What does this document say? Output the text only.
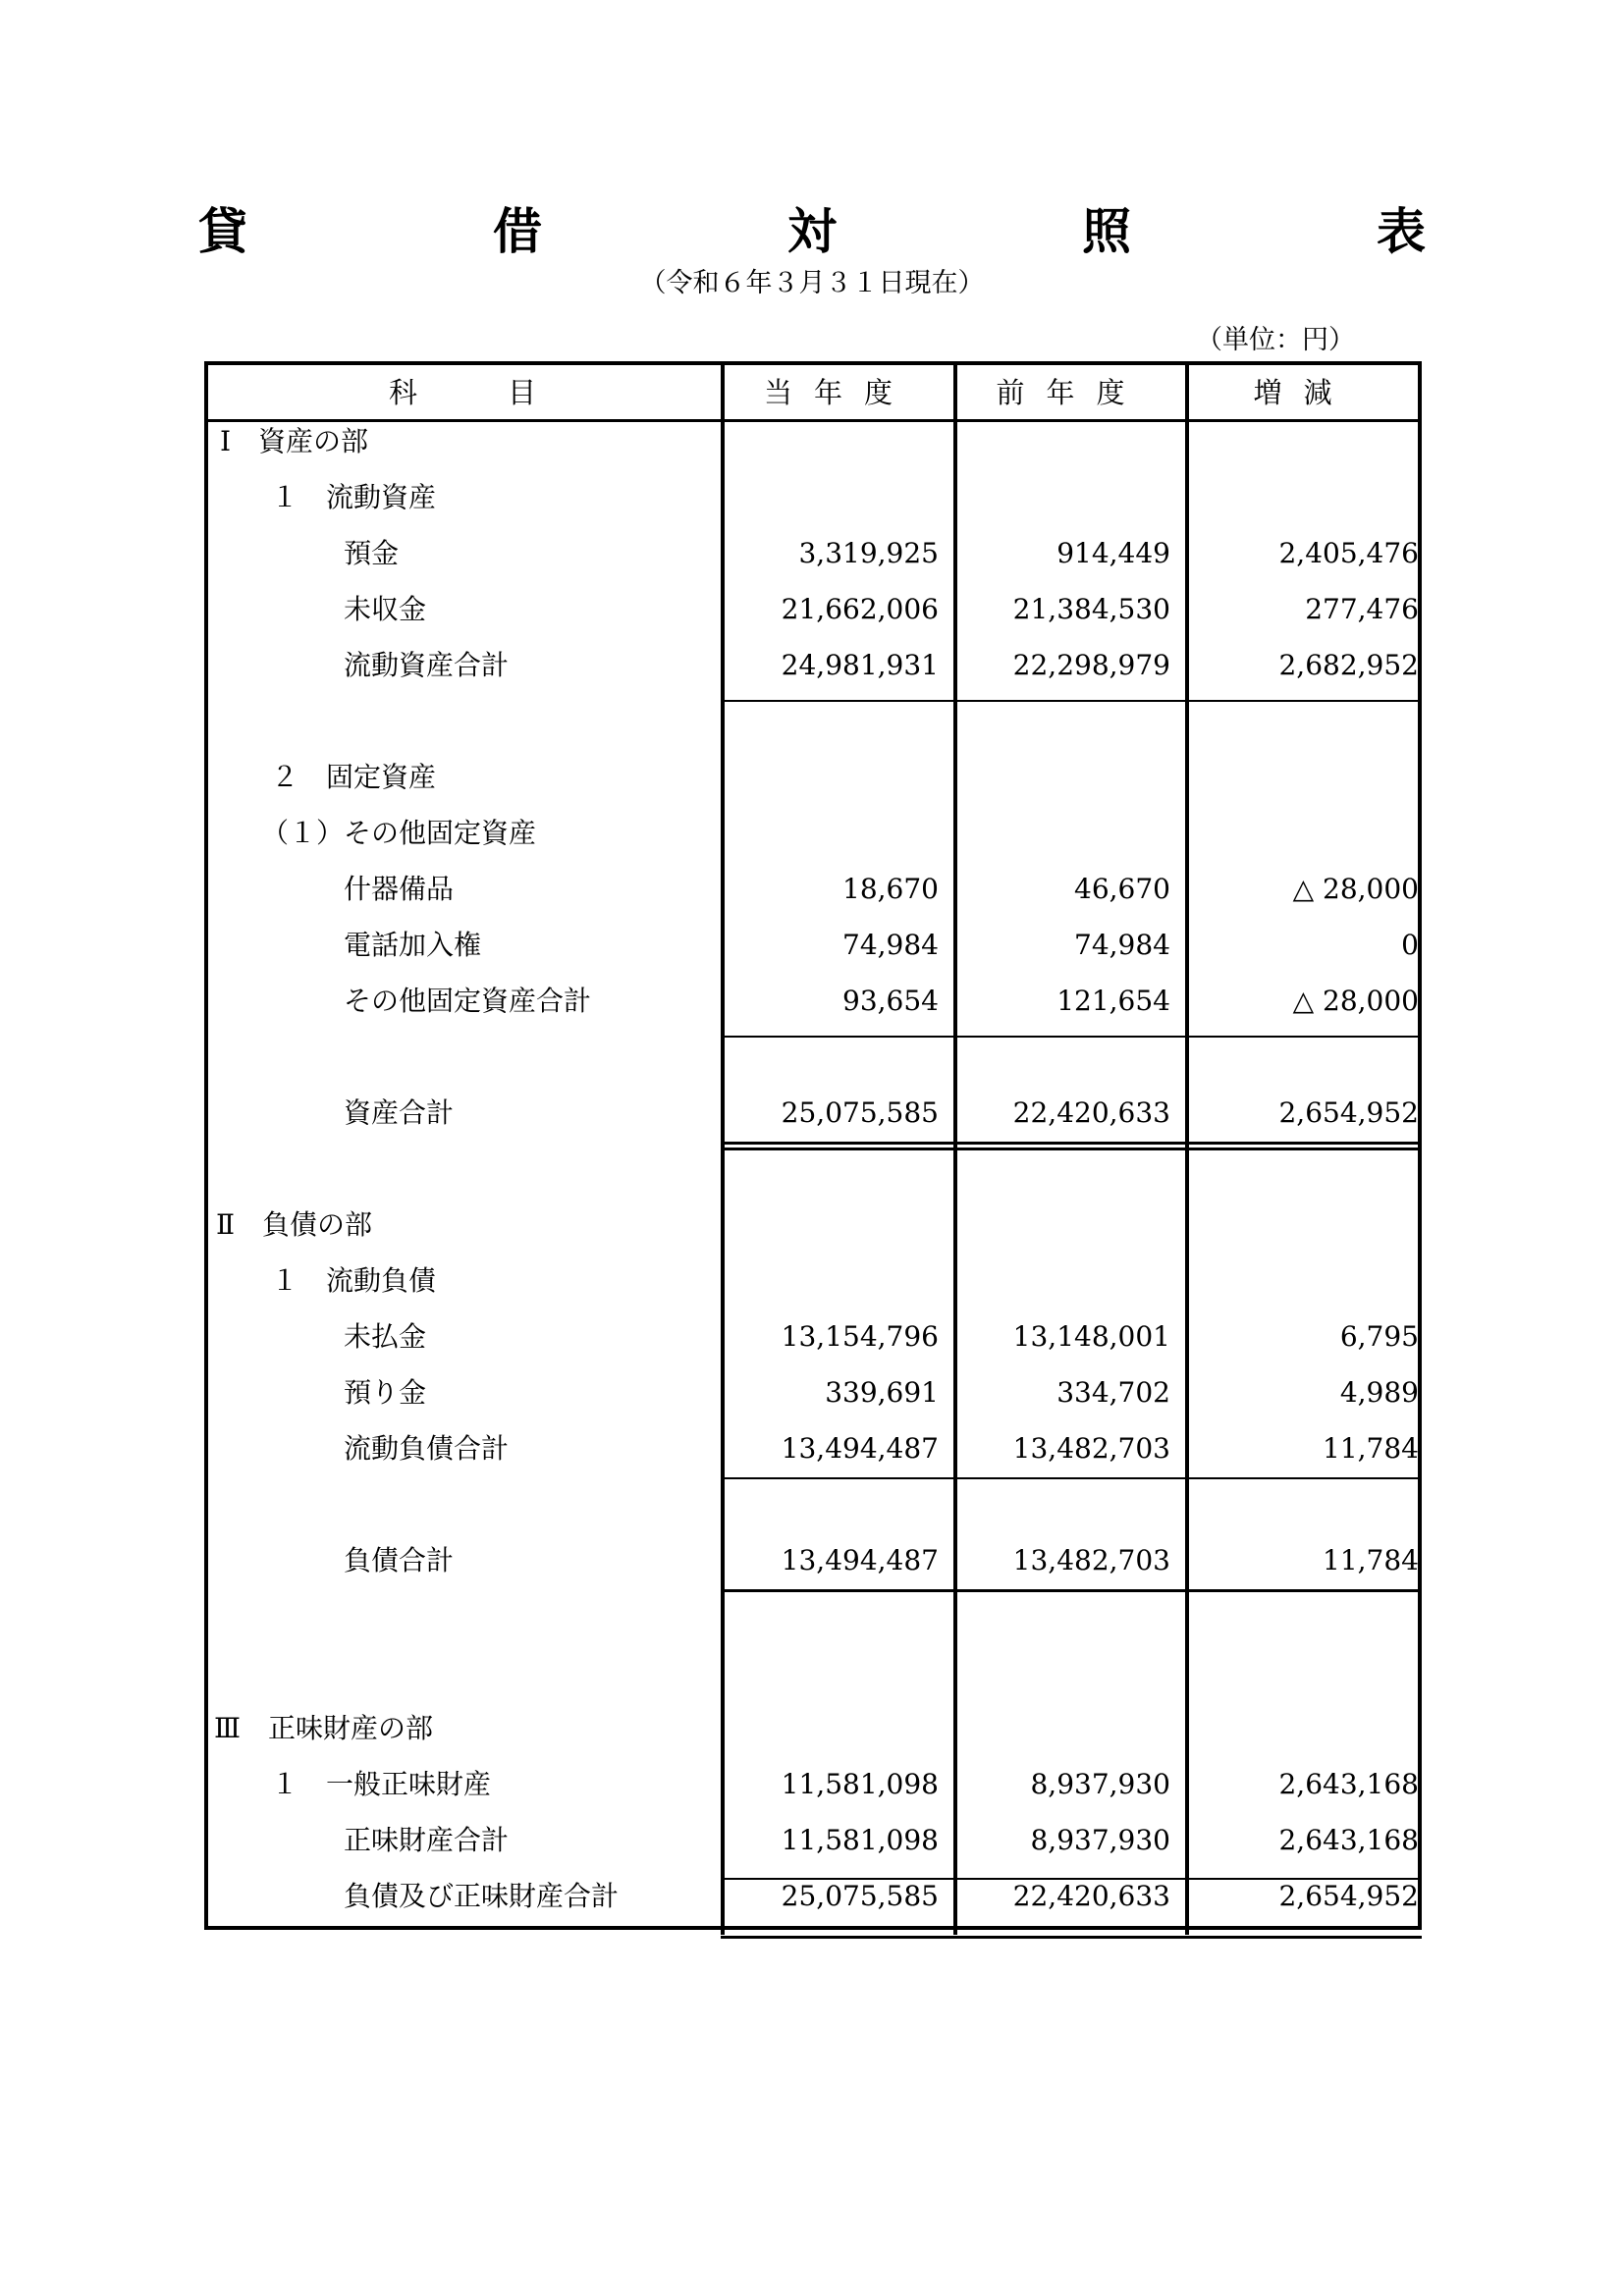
貸　借　対　照　表
（令和６年３月３１日現在）
（単位：円）
科目	当年度	前年度	増減
Ⅰ　資産の部
１　流動資産
預金	3,319,925	914,449	2,405,476
未収金	21,662,006	21,384,530	277,476
流動資産合計	24,981,931	22,298,979	2,682,952
２　固定資産
（１）その他固定資産
什器備品	18,670	46,670	△ 28,000
電話加入権	74,984	74,984	0
その他固定資産合計	93,654	121,654	△ 28,000
資産合計	25,075,585	22,420,633	2,654,952
Ⅱ　負債の部
１　流動負債
未払金	13,154,796	13,148,001	6,795
預り金	339,691	334,702	4,989
流動負債合計	13,494,487	13,482,703	11,784
負債合計	13,494,487	13,482,703	11,784
Ⅲ　正味財産の部
１　一般正味財産	11,581,098	8,937,930	2,643,168
正味財産合計	11,581,098	8,937,930	2,643,168
負債及び正味財産合計	25,075,585	22,420,633	2,654,952
